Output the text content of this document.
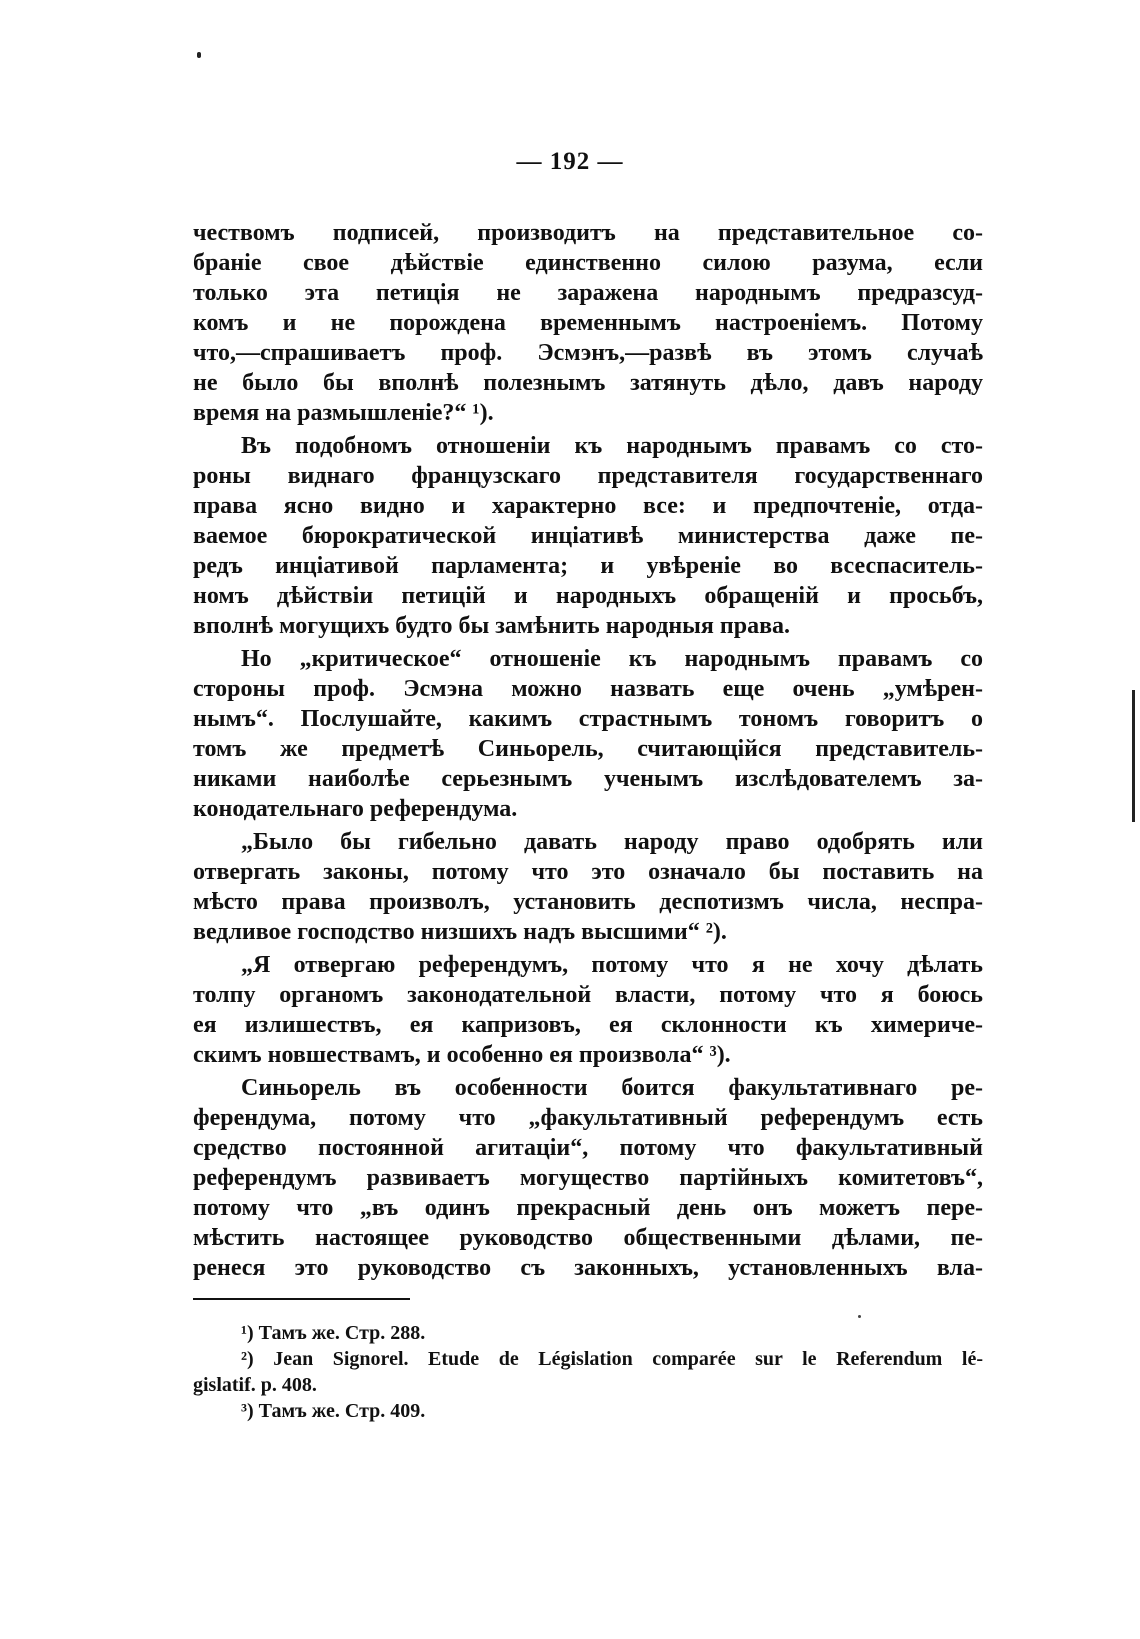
— 192 —
чествомъ подписей, производитъ на представительное со-
браніе свое дѣйствіе единственно силою разума, если
только эта петиція не заражена народнымъ предразсуд-
комъ и не порождена временнымъ настроеніемъ. Потому
что,—спрашиваетъ проф. Эсмэнъ,—развѣ въ этомъ случаѣ
не было бы вполнѣ полезнымъ затянуть дѣло, давъ народу
время на размышленіе?“ ¹).
Въ подобномъ отношеніи къ народнымъ правамъ со сто-
роны виднаго французскаго представителя государственнаго
права ясно видно и характерно все: и предпочтеніе, отда-
ваемое бюрократической инціативѣ министерства даже пе-
редъ инціативой парламента; и увѣреніе во всеспаситель-
номъ дѣйствіи петицій и народныхъ обращеній и просьбъ,
вполнѣ могущихъ будто бы замѣнить народныя права.
Но „критическое“ отношеніе къ народнымъ правамъ со
стороны проф. Эсмэна можно назвать еще очень „умѣрен-
нымъ“. Послушайте, какимъ страстнымъ тономъ говоритъ о
томъ же предметѣ Синьорель, считающійся представитель-
никами наиболѣе серьезнымъ ученымъ изслѣдователемъ за-
конодательнаго референдума.
„Было бы гибельно давать народу право одобрять или
отвергать законы, потому что это означало бы поставить на
мѣсто права произволъ, установить деспотизмъ числа, неспра-
ведливое господство низшихъ надъ высшими“ ²).
„Я отвергаю референдумъ, потому что я не хочу дѣлать
толпу органомъ законодательной власти, потому что я боюсь
ея излишествъ, ея капризовъ, ея склонности къ химериче-
скимъ новшествамъ, и особенно ея произвола“ ³).
Синьорель въ особенности боится факультативнаго ре-
ферендума, потому что „факультативный референдумъ есть
средство постоянной агитаціи“, потому что факультативный
референдумъ развиваетъ могущество партійныхъ комитетовъ“,
потому что „въ одинъ прекрасный день онъ можетъ пере-
мѣстить настоящее руководство общественными дѣлами, пе-
ренеся это руководство съ законныхъ, установленныхъ вла-
¹) Тамъ же. Стр. 288.
²) Jean Signorel. Etude de Législation comparée sur le Referendum lé-
gislatif. p. 408.
³) Тамъ же. Стр. 409.
